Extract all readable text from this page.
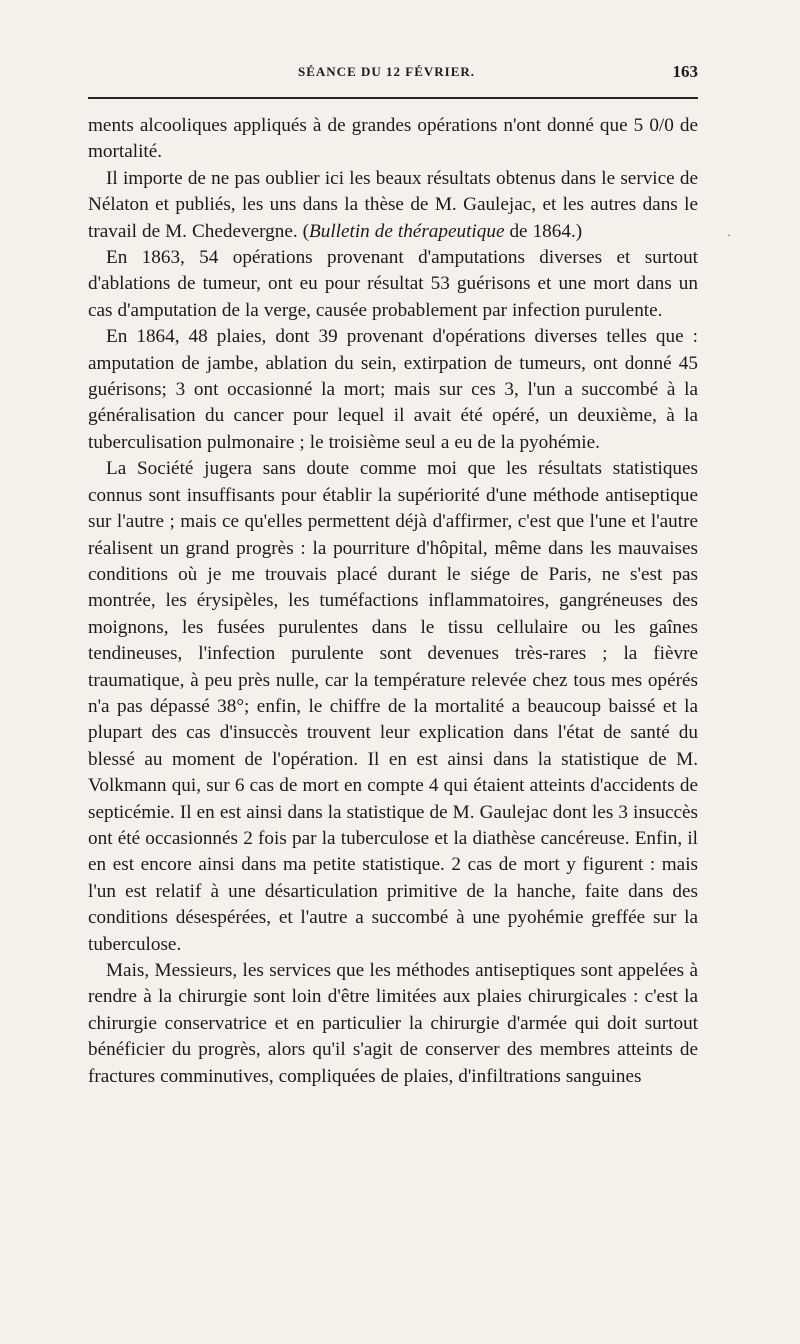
SÉANCE DU 12 FÉVRIER.	163
·

ments alcooliques appliqués à de grandes opérations n'ont donné que 5 0/0 de mortalité.

Il importe de ne pas oublier ici les beaux résultats obtenus dans le service de Nélaton et publiés, les uns dans la thèse de M. Gaulejac, et les autres dans le travail de M. Chedevergne. (Bulletin de thérapeutique de 1864.)

En 1863, 54 opérations provenant d'amputations diverses et surtout d'ablations de tumeur, ont eu pour résultat 53 guérisons et une mort dans un cas d'amputation de la verge, causée probablement par infection purulente.

En 1864, 48 plaies, dont 39 provenant d'opérations diverses telles que : amputation de jambe, ablation du sein, extirpation de tumeurs, ont donné 45 guérisons; 3 ont occasionné la mort; mais sur ces 3, l'un a succombé à la généralisation du cancer pour lequel il avait été opéré, un deuxième, à la tuberculisation pulmonaire ; le troisième seul a eu de la pyohémie.

La Société jugera sans doute comme moi que les résultats statistiques connus sont insuffisants pour établir la supériorité d'une méthode antiseptique sur l'autre ; mais ce qu'elles permettent déjà d'affirmer, c'est que l'une et l'autre réalisent un grand progrès : la pourriture d'hôpital, même dans les mauvaises conditions où je me trouvais placé durant le siége de Paris, ne s'est pas montrée, les érysipèles, les tuméfactions inflammatoires, gangréneuses des moignons, les fusées purulentes dans le tissu cellulaire ou les gaînes tendineuses, l'infection purulente sont devenues très-rares ; la fièvre traumatique, à peu près nulle, car la température relevée chez tous mes opérés n'a pas dépassé 38°; enfin, le chiffre de la mortalité a beaucoup baissé et la plupart des cas d'insuccès trouvent leur explication dans l'état de santé du blessé au moment de l'opération. Il en est ainsi dans la statistique de M. Volkmann qui, sur 6 cas de mort en compte 4 qui étaient atteints d'accidents de septicémie. Il en est ainsi dans la statistique de M. Gaulejac dont les 3 insuccès ont été occasionnés 2 fois par la tuberculose et la diathèse cancéreuse. Enfin, il en est encore ainsi dans ma petite statistique. 2 cas de mort y figurent : mais l'un est relatif à une désarticulation primitive de la hanche, faite dans des conditions désespérées, et l'autre a succombé à une pyohémie greffée sur la tuberculose.

Mais, Messieurs, les services que les méthodes antiseptiques sont appelées à rendre à la chirurgie sont loin d'être limitées aux plaies chirurgicales : c'est la chirurgie conservatrice et en particulier la chirurgie d'armée qui doit surtout bénéficier du progrès, alors qu'il s'agit de conserver des membres atteints de fractures comminutives, compliquées de plaies, d'infiltrations sanguines
